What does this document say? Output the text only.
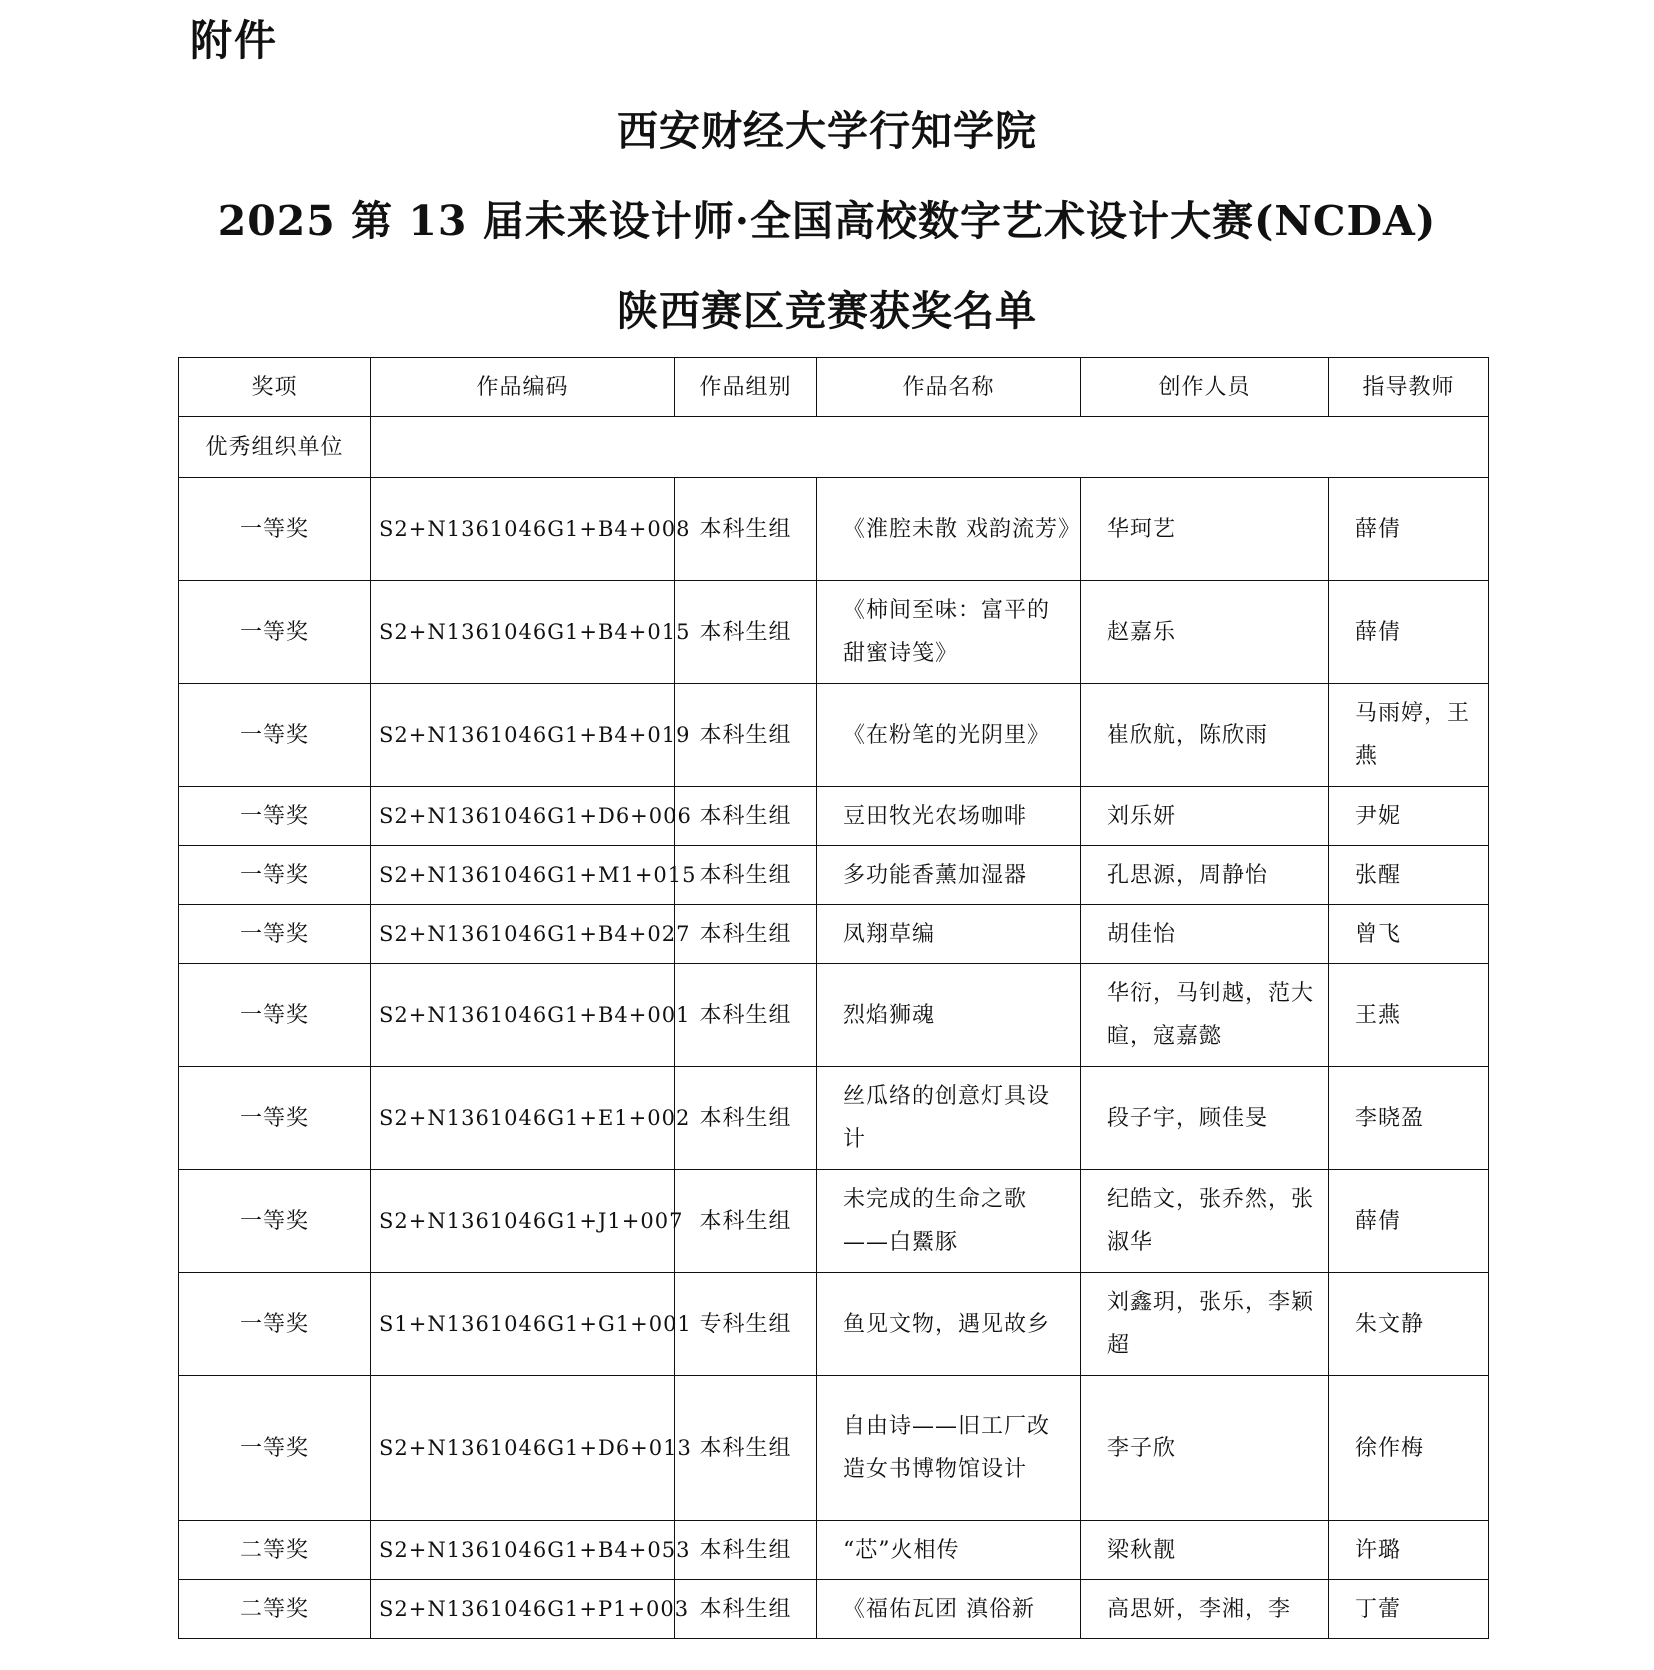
附件
西安财经大学行知学院
2025 第 13 届未来设计师·全国高校数字艺术设计大赛(NCDA)
陕西赛区竞赛获奖名单
奖项	作品编码	作品组别	作品名称	创作人员	指导教师
优秀组织单位					
一等奖	S2+N1361046G1+B4+008	本科生组	《淮腔未散 戏韵流芳》	华珂艺	薛倩
一等奖	S2+N1361046G1+B4+015	本科生组	《柿间至味：富平的甜蜜诗笺》	赵嘉乐	薛倩
一等奖	S2+N1361046G1+B4+019	本科生组	《在粉笔的光阴里》	崔欣航，陈欣雨	马雨婷，王燕
一等奖	S2+N1361046G1+D6+006	本科生组	豆田牧光农场咖啡	刘乐妍	尹妮
一等奖	S2+N1361046G1+M1+015	本科生组	多功能香薰加湿器	孔思源，周静怡	张醒
一等奖	S2+N1361046G1+B4+027	本科生组	凤翔草编	胡佳怡	曾飞
一等奖	S2+N1361046G1+B4+001	本科生组	烈焰狮魂	华衍，马钊越，范大暄，寇嘉懿	王燕
一等奖	S2+N1361046G1+E1+002	本科生组	丝瓜络的创意灯具设计	段子宇，顾佳旻	李晓盈
一等奖	S2+N1361046G1+J1+007	本科生组	未完成的生命之歌——白鱀豚	纪皓文，张乔然，张淑华	薛倩
一等奖	S1+N1361046G1+G1+001	专科生组	鱼见文物，遇见故乡	刘鑫玥，张乐，李颖超	朱文静
一等奖	S2+N1361046G1+D6+013	本科生组	自由诗——旧工厂改造女书博物馆设计	李子欣	徐作梅
二等奖	S2+N1361046G1+B4+053	本科生组	“芯”火相传	梁秋靓	许璐
二等奖	S2+N1361046G1+P1+003	本科生组	《福佑瓦团 滇俗新	高思妍，李湘，李	丁蕾
